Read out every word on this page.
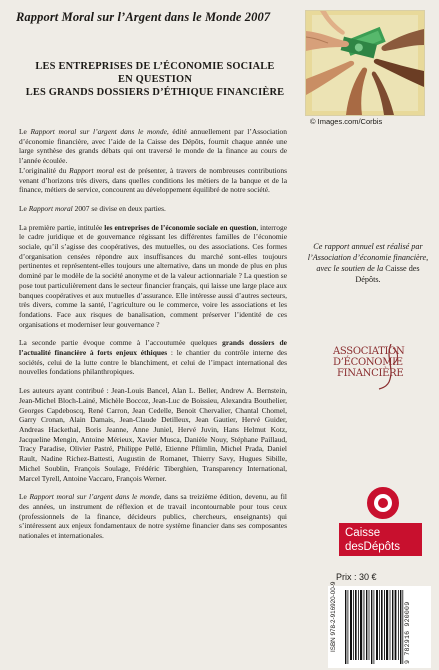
Rapport Moral sur l’Argent dans le Monde 2007
LES ENTREPRISES DE L’ÉCONOMIE SOCIALE
EN QUESTION
LES GRANDS DOSSIERS D’ÉTHIQUE FINANCIÈRE
© Images.com/Corbis

Le Rapport moral sur l’argent dans le monde, édité annuellement par l’Association d’économie financière, avec l’aide de la Caisse des Dépôts, fournit chaque année une large synthèse des grands débats qui ont traversé le monde de la finance au cours de l’année écoulée.

L’originalité du Rapport moral est de présenter, à travers de nombreuses contributions venant d’horizons très divers, dans quelles conditions les métiers de la banque et de la finance, métiers de service, concourent au développement équilibré de notre société.

Le Rapport moral 2007 se divise en deux parties.

La première partie, intitulée les entreprises de l’économie sociale en question, interroge le cadre juridique et de gouvernance régissant les différentes familles de l’économie sociale, qu’il s’agisse des coopératives, des mutuelles, ou des associations. Ces formes d’organisation censées répondre aux insuffisances du marché sont-elles toujours pertinentes et représentent-elles toujours une alternative, dans un monde de plus en plus dominé par le modèle de la société anonyme et de la valeur actionnariale ? La question se pose tout particulièrement dans le secteur financier français, qui laisse une large place aux banques coopératives et aux mutuelles d’assurance. Elle intéresse aussi d’autres secteurs, très divers, comme la santé, l’agriculture ou le commerce, voire les associations et les fondations. Face aux risques de banalisation, comment préserver l’identité de ces organisations et moderniser leur gouvernance ?

La seconde partie évoque comme à l’accoutumée quelques grands dossiers de l’actualité financière à forts enjeux éthiques : le chantier du contrôle interne des sociétés, celui de la lutte contre le blanchiment, et celui de l’impact international des nouvelles fondations philanthropiques.

Les auteurs ayant contribué : Jean-Louis Bancel, Alan L. Beller, Andrew A. Bernstein, Jean-Michel Bloch-Lainé, Michèle Boccoz, Jean-Luc de Boissieu, Alexandra Bouthelier, Georges Capdeboscq, René Carron, Jean Cedelle, Benoit Chervalier, Chantal Chomel, Garry Cronan, Alain Damais, Jean-Claude Detilleux, Jean Gautier, Hervé Guider, Andreas Hackethal, Boris Jeanne, Anne Juniel, Hervé Juvin, Hans Helmut Kotz, Jacqueline Mengin, Antoine Mérieux, Xavier Musca, Danièle Nouy, Stéphane Paillaud, Tracy Paradise, Olivier Pastré, Philippe Pellé, Etienne Pflimlin, Michel Prada, Daniel Rault, Nadine Richez-Battesti, Augustin de Romanet, Thierry Savy, Hugues Sibille, Michel Soublin, François Soulage, Frédéric Tiberghien, Transparency International, Marcel Tyrell, Antoine Vaccaro, François Werner.

Le Rapport moral sur l’argent dans le monde, dans sa treizième édition, devenu, au fil des années, un instrument de réflexion et de travail incontournable pour tous ceux (professionnels de la finance, décideurs publics, chercheurs, enseignants) qui s’intéressent aux enjeux fondamentaux de notre système financier dans ses composantes nationales et internationales.

Ce rapport annuel est réalisé par l’Association d’économie financière, avec le soutien de la Caisse des Dépôts.
ASSOCIATION
D’ÉCONOMIE
FINANCIÈRE
Caisse
desDépôts
Prix : 30 €
ISBN 978-2-916920-00-9	9 782916 920009
